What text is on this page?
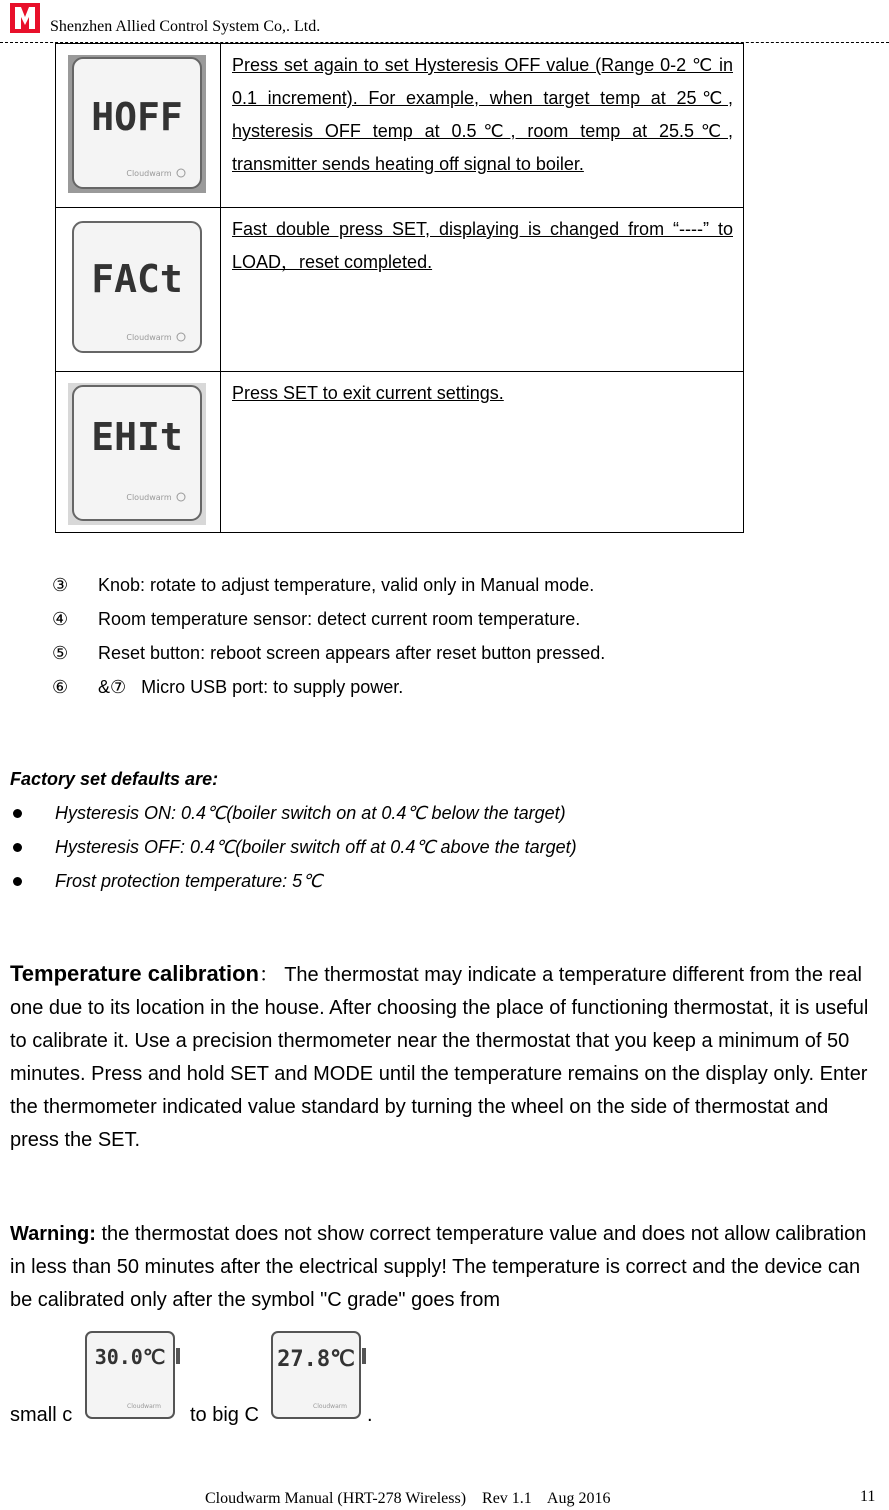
Shenzhen Allied Control System Co,. Ltd.
HOFF
Cloudwarm	Press set again to set Hysteresis OFF value (Range 0-2 ℃ in 0.1 increment). For example, when target temp at 25℃, hysteresis OFF temp at 0.5℃, room temp at 25.5℃, transmitter sends heating off signal to boiler.

FACt
Cloudwarm	Fast double press SET, displaying is changed from “----” to LOAD，reset completed.

EHIt
Cloudwarm	Press SET to exit current settings.
③ Knob: rotate to adjust temperature, valid only in Manual mode.
④ Room temperature sensor: detect current room temperature.
⑤ Reset button: reboot screen appears after reset button pressed.
⑥ &⑦   Micro USB port: to supply power.
Factory set defaults are:
Hysteresis ON: 0.4℃(boiler switch on at 0.4℃ below the target)
Hysteresis OFF: 0.4℃(boiler switch off at 0.4℃ above the target)
Frost protection temperature: 5℃
Temperature calibration： The thermostat may indicate a temperature different from the real one due to its location in the house. After choosing the place of functioning thermostat, it is useful to calibrate it. Use a precision thermometer near the thermostat that you keep a minimum of 50 minutes. Press and hold SET and MODE until the temperature remains on the display only. Enter the thermometer indicated value standard by turning the wheel on the side of thermostat and press the SET.
Warning: the thermostat does not show correct temperature value and does not allow calibration in less than 50 minutes after the electrical supply! The temperature is correct and the device can be calibrated only after the symbol "C grade" goes from
small c
30.0℃
Cloudwarm to big C
27.8℃
Cloudwarm .
Cloudwarm Manual (HRT-278 Wireless)    Rev 1.1    Aug 2016	11
